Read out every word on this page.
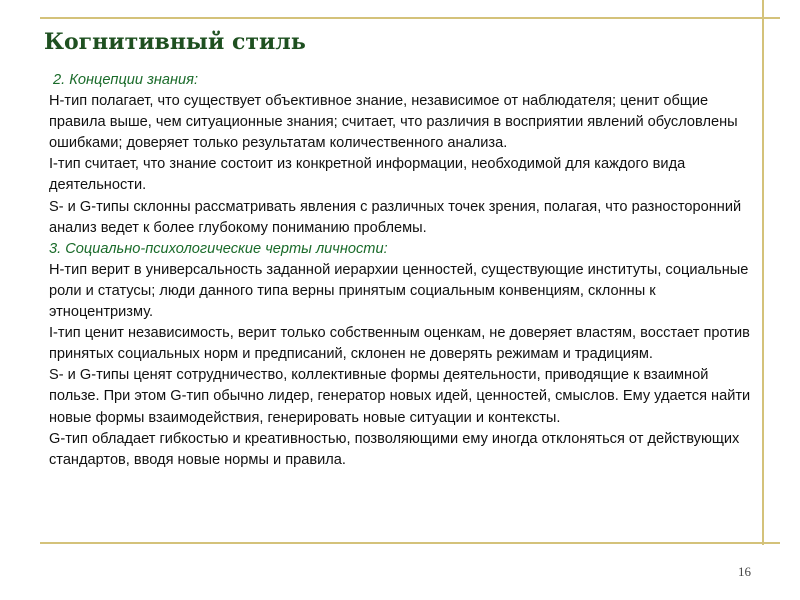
Когнитивный стиль

2. Концепции знания:

Н-тип полагает, что существует объективное знание, независимое от наблюдателя; ценит общие правила выше, чем ситуационные знания; считает, что различия в восприятии явлений обусловлены ошибками; доверяет только результатам количественного анализа.

I-тип считает, что знание состоит из конкретной информации, необходимой для каждого вида деятельности.

S- и G-типы склонны рассматривать явления с различных точек зрения, полагая, что разносторонний анализ ведет к более глубокому пониманию проблемы.

3. Социально-психологические черты личности:

Н-тип верит в универсальность заданной иерархии ценностей, существующие институты, социальные роли и статусы; люди данного типа верны принятым социальным конвенциям, склонны к этноцентризму.

I-тип ценит независимость, верит только собственным оценкам, не доверяет властям, восстает против принятых социальных норм и предписаний, склонен не доверять режимам и традициям.

S- и G-типы ценят сотрудничество, коллективные формы деятельности, приводящие к взаимной пользе. При этом G-тип обычно лидер, генератор новых идей, ценностей, смыслов. Ему удается найти новые формы взаимодействия, генерировать новые ситуации и контексты.

G-тип обладает гибкостью и креативностью, позволяющими ему иногда отклоняться от действующих стандартов, вводя новые нормы и правила.

16
